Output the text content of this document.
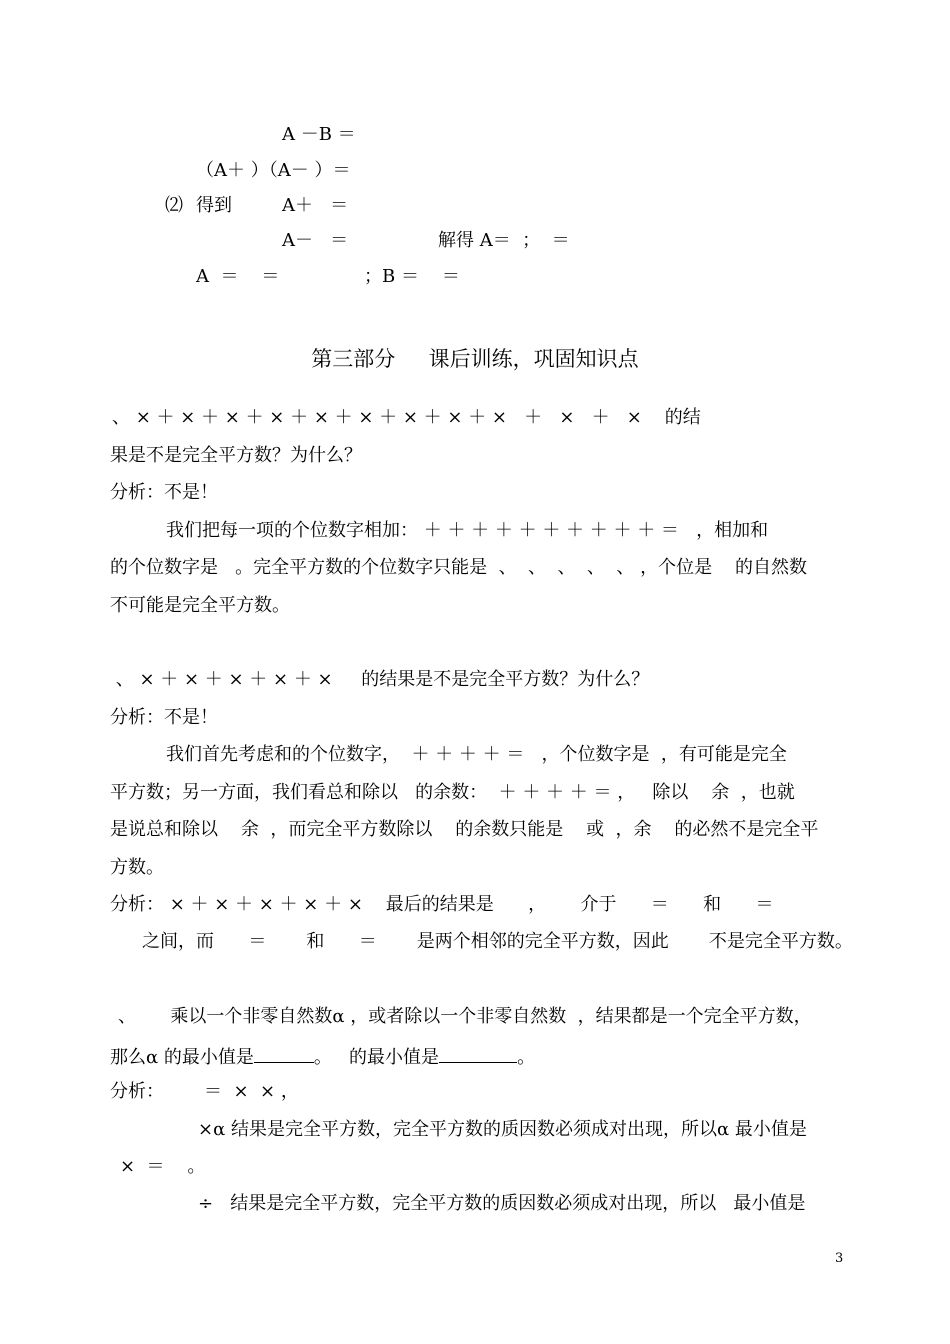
A －B ＝
（A＋ ）（A－ ）＝
⑵ 得到	A＋   ＝
A－   ＝	解得 A＝  ；  ＝
A  ＝    ＝	；B ＝    ＝
第三部分     课后训练，巩固知识点
、 × ＋ × ＋ × ＋ × ＋ × ＋ × ＋ × ＋ × ＋ ×   ＋   ×   ＋   ×    的结
果是不是完全平方数？为什么？
分析：不是！
我们把每一项的个位数字相加： ＋ ＋ ＋ ＋ ＋ ＋ ＋ ＋ ＋ ＋ ＝   ，相加和
的个位数字是   。完全平方数的个位数字只能是  、  、  、  、  、 ，个位是    的自然数
不可能是完全平方数。
、 × ＋ × ＋ × ＋ × ＋ ×     的结果是不是完全平方数？为什么？
分析：不是！
我们首先考虑和的个位数字，  ＋ ＋ ＋ ＋ ＝   ，个位数字是  ，有可能是完全
平方数；另一方面，我们看总和除以   的余数：  ＋ ＋ ＋ ＋ ＝ ，   除以    余  ，也就
是说总和除以    余  ，而完全平方数除以    的余数只能是    或  ，余    的必然不是完全平
方数。
分析： × ＋ × ＋ × ＋ × ＋ ×    最后的结果是      ，      介于      ＝      和      ＝
之间，而      ＝       和      ＝       是两个相邻的完全平方数，因此       不是完全平方数。
、      乘以一个非零自然数α ，或者除以一个非零自然数  ，结果都是一个完全平方数，
那么α 的最小值是	。   的最小值是	。
分析：       ＝  ×  × ，
×α 结果是完全平方数，完全平方数的质因数必须成对出现，所以α 最小值是
×  ＝    。
÷   结果是完全平方数，完全平方数的质因数必须成对出现，所以   最小值是
3
